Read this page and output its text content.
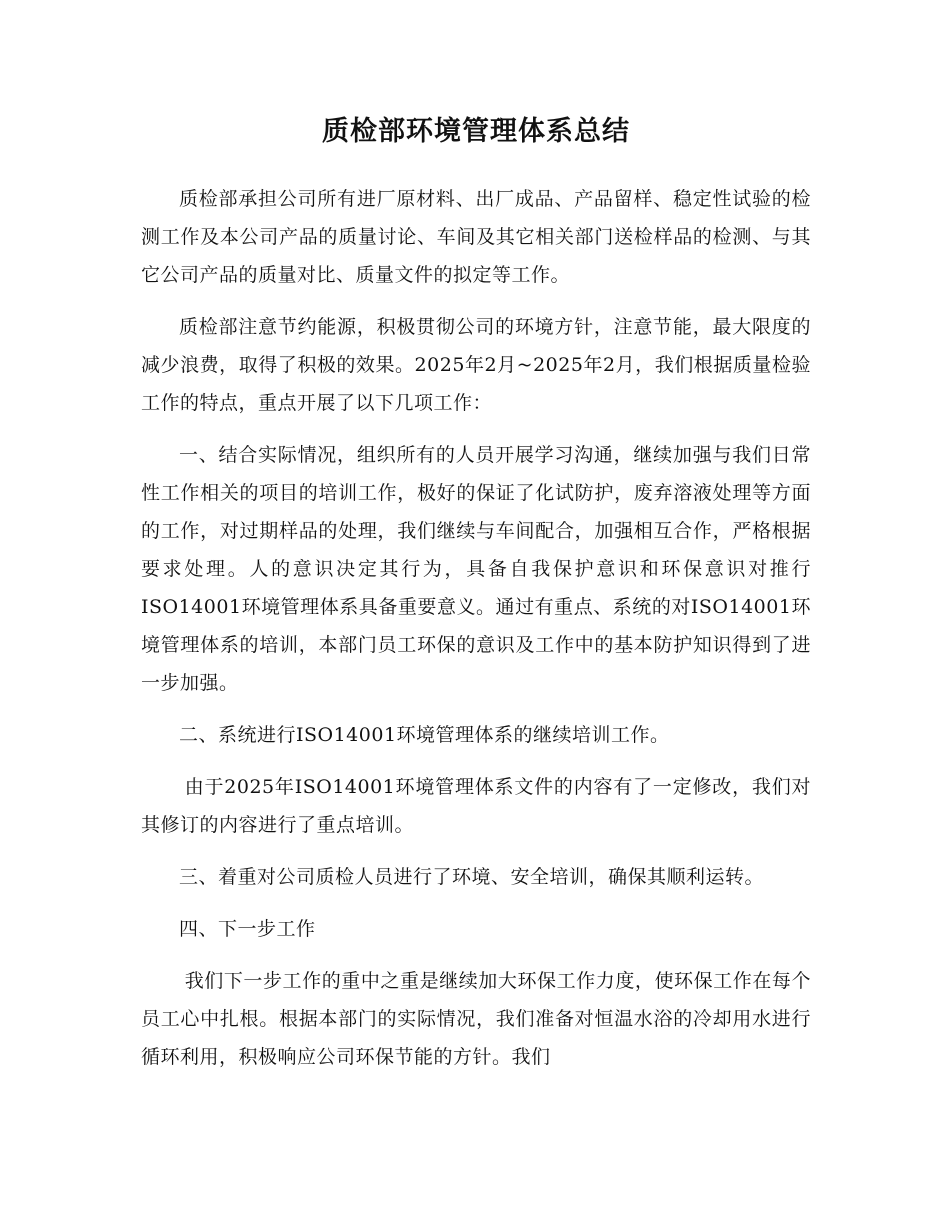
质检部环境管理体系总结

质检部承担公司所有进厂原材料、出厂成品、产品留样、稳定性试验的检测工作及本公司产品的质量讨论、车间及其它相关部门送检样品的检测、与其它公司产品的质量对比、质量文件的拟定等工作。

质检部注意节约能源，积极贯彻公司的环境方针，注意节能，最大限度的减少浪费，取得了积极的效果。2025年2月~2025年2月，我们根据质量检验工作的特点，重点开展了以下几项工作：

一、结合实际情况，组织所有的人员开展学习沟通，继续加强与我们日常性工作相关的项目的培训工作，极好的保证了化试防护，废弃溶液处理等方面的工作，对过期样品的处理，我们继续与车间配合，加强相互合作，严格根据要求处理。人的意识决定其行为，具备自我保护意识和环保意识对推行ISO14001环境管理体系具备重要意义。通过有重点、系统的对ISO14001环境管理体系的培训，本部门员工环保的意识及工作中的基本防护知识得到了进一步加强。

二、系统进行ISO14001环境管理体系的继续培训工作。

由于2025年ISO14001环境管理体系文件的内容有了一定修改，我们对其修订的内容进行了重点培训。

三、着重对公司质检人员进行了环境、安全培训，确保其顺利运转。

四、下一步工作

我们下一步工作的重中之重是继续加大环保工作力度，使环保工作在每个员工心中扎根。根据本部门的实际情况，我们准备对恒温水浴的冷却用水进行循环利用，积极响应公司环保节能的方针。我们
